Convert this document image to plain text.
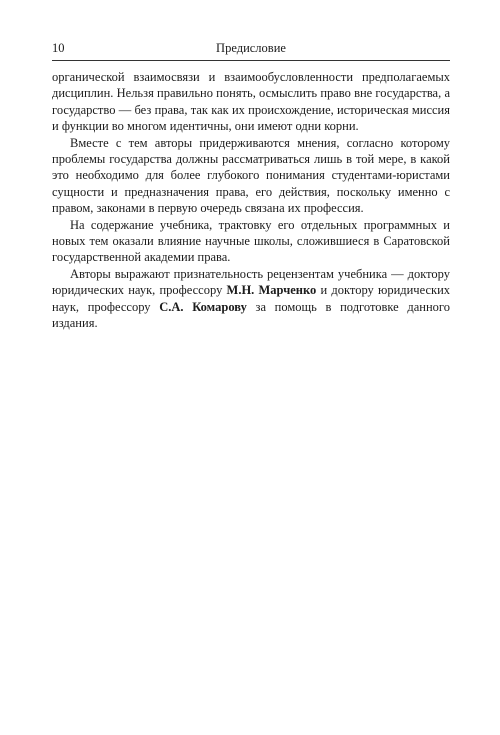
10	Предисловие

органической взаимосвязи и взаимообусловленности предполагаемых дисциплин. Нельзя правильно понять, осмыслить право вне государства, а государство — без права, так как их происхождение, историческая миссия и функции во многом идентичны, они имеют одни корни.

Вместе с тем авторы придерживаются мнения, согласно которому проблемы государства должны рассматриваться лишь в той мере, в какой это необходимо для более глубокого понимания студентами-юристами сущности и предназначения права, его действия, поскольку именно с правом, законами в первую очередь связана их профессия.

На содержание учебника, трактовку его отдельных программных и новых тем оказали влияние научные школы, сложившиеся в Саратовской государственной академии права.

Авторы выражают признательность рецензентам учебника — доктору юридических наук, профессору М.Н. Марченко и доктору юридических наук, профессору С.А. Комарову за помощь в подготовке данного издания.
